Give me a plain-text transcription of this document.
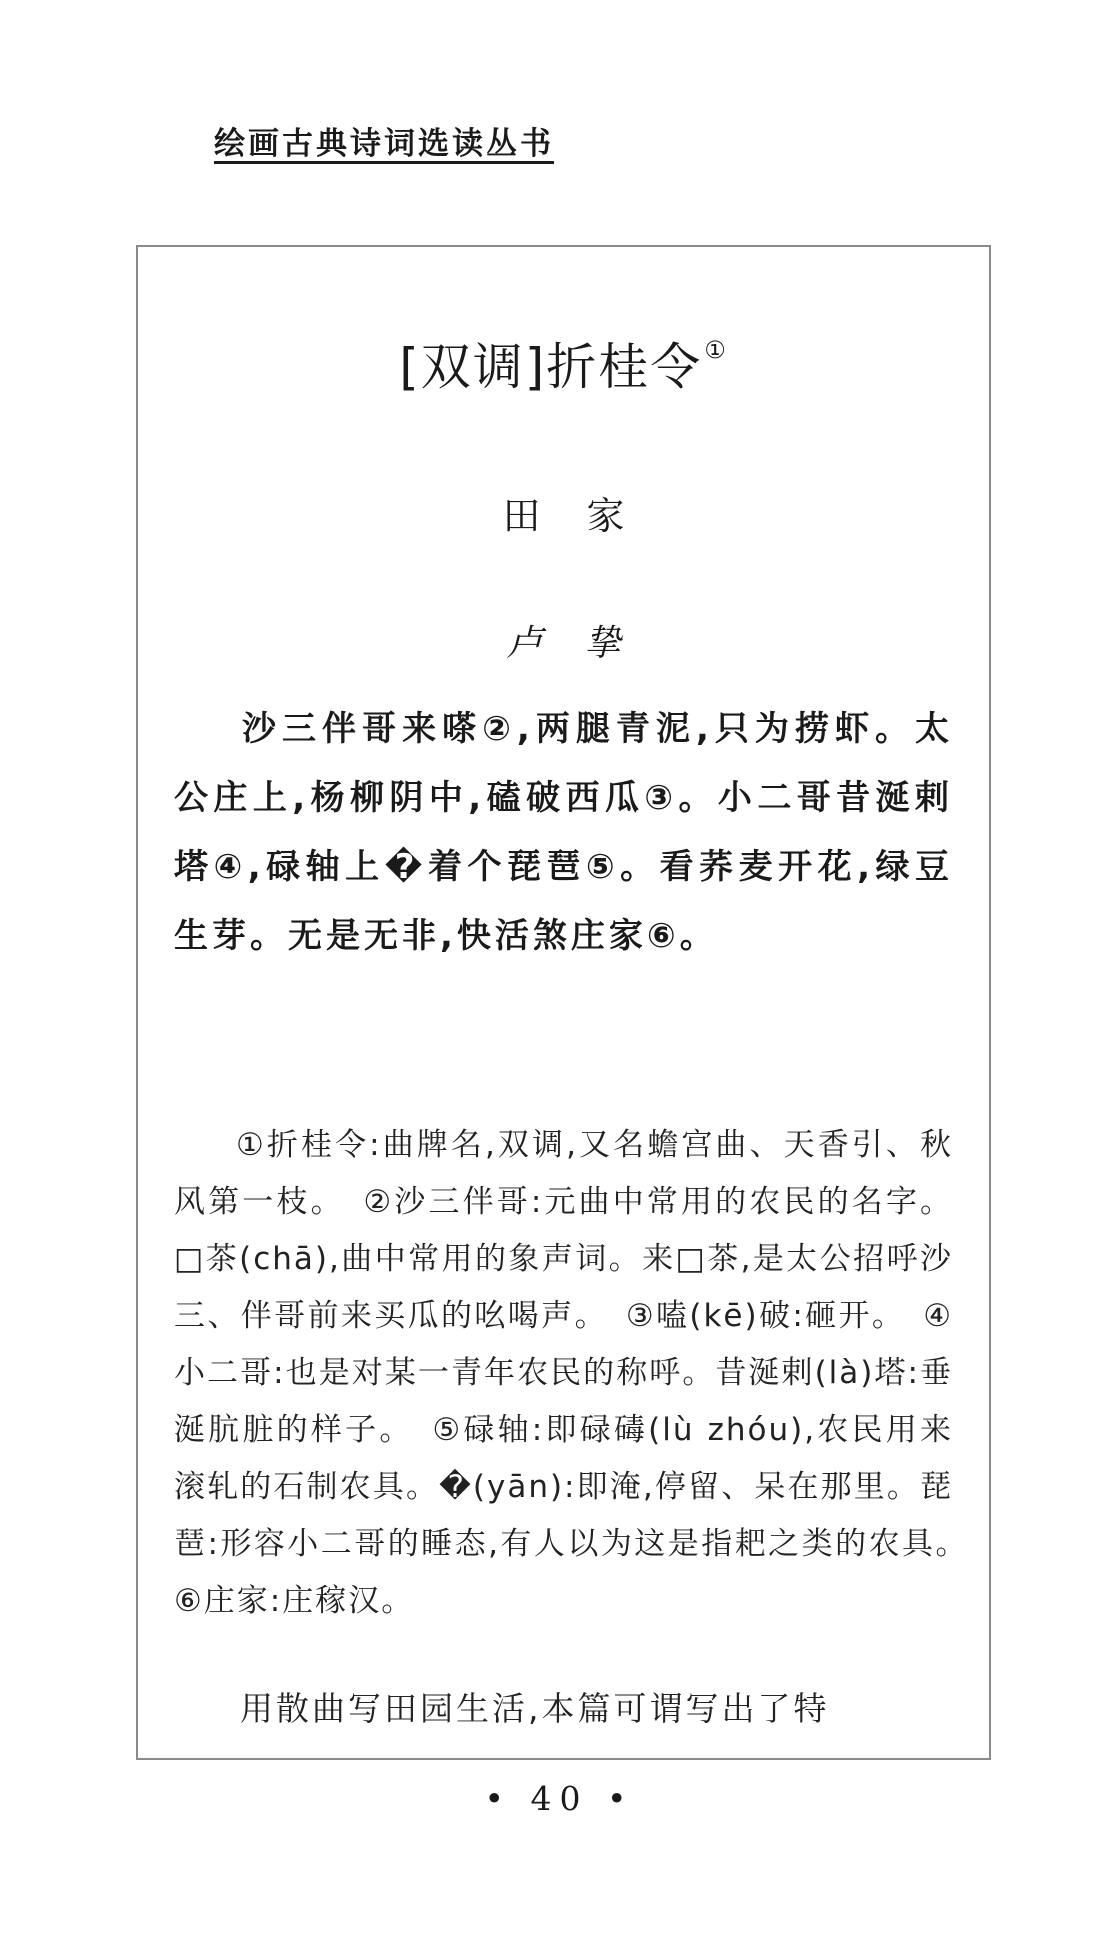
绘画古典诗词选读丛书
[双调]折桂令①

田家

卢挚

沙三伴哥来嗏②,两腿青泥,只为捞虾。太公庄上,杨柳阴中,磕破西瓜③。小二哥昔涎剌塔④,碌轴上�着个琵琶⑤。看荞麦开花,绿豆生芽。无是无非,快活煞庄家⑥。

①折桂令:曲牌名,双调,又名蟾宫曲、天香引、秋风第一枝。　②沙三伴哥:元曲中常用的农民的名字。□茶(chā),曲中常用的象声词。来□茶,是太公招呼沙三、伴哥前来买瓜的吆喝声。　③嗑(kē)破:砸开。　④小二哥:也是对某一青年农民的称呼。昔涎剌(là)塔:垂涎肮脏的样子。　⑤碌轴:即碌碡(lù zhóu),农民用来滚轧的石制农具。�(yān):即淹,停留、呆在那里。琵琶:形容小二哥的睡态,有人以为这是指耙之类的农具。　⑥庄家:庄稼汉。

用散曲写田园生活,本篇可谓写出了特

• 40 •
